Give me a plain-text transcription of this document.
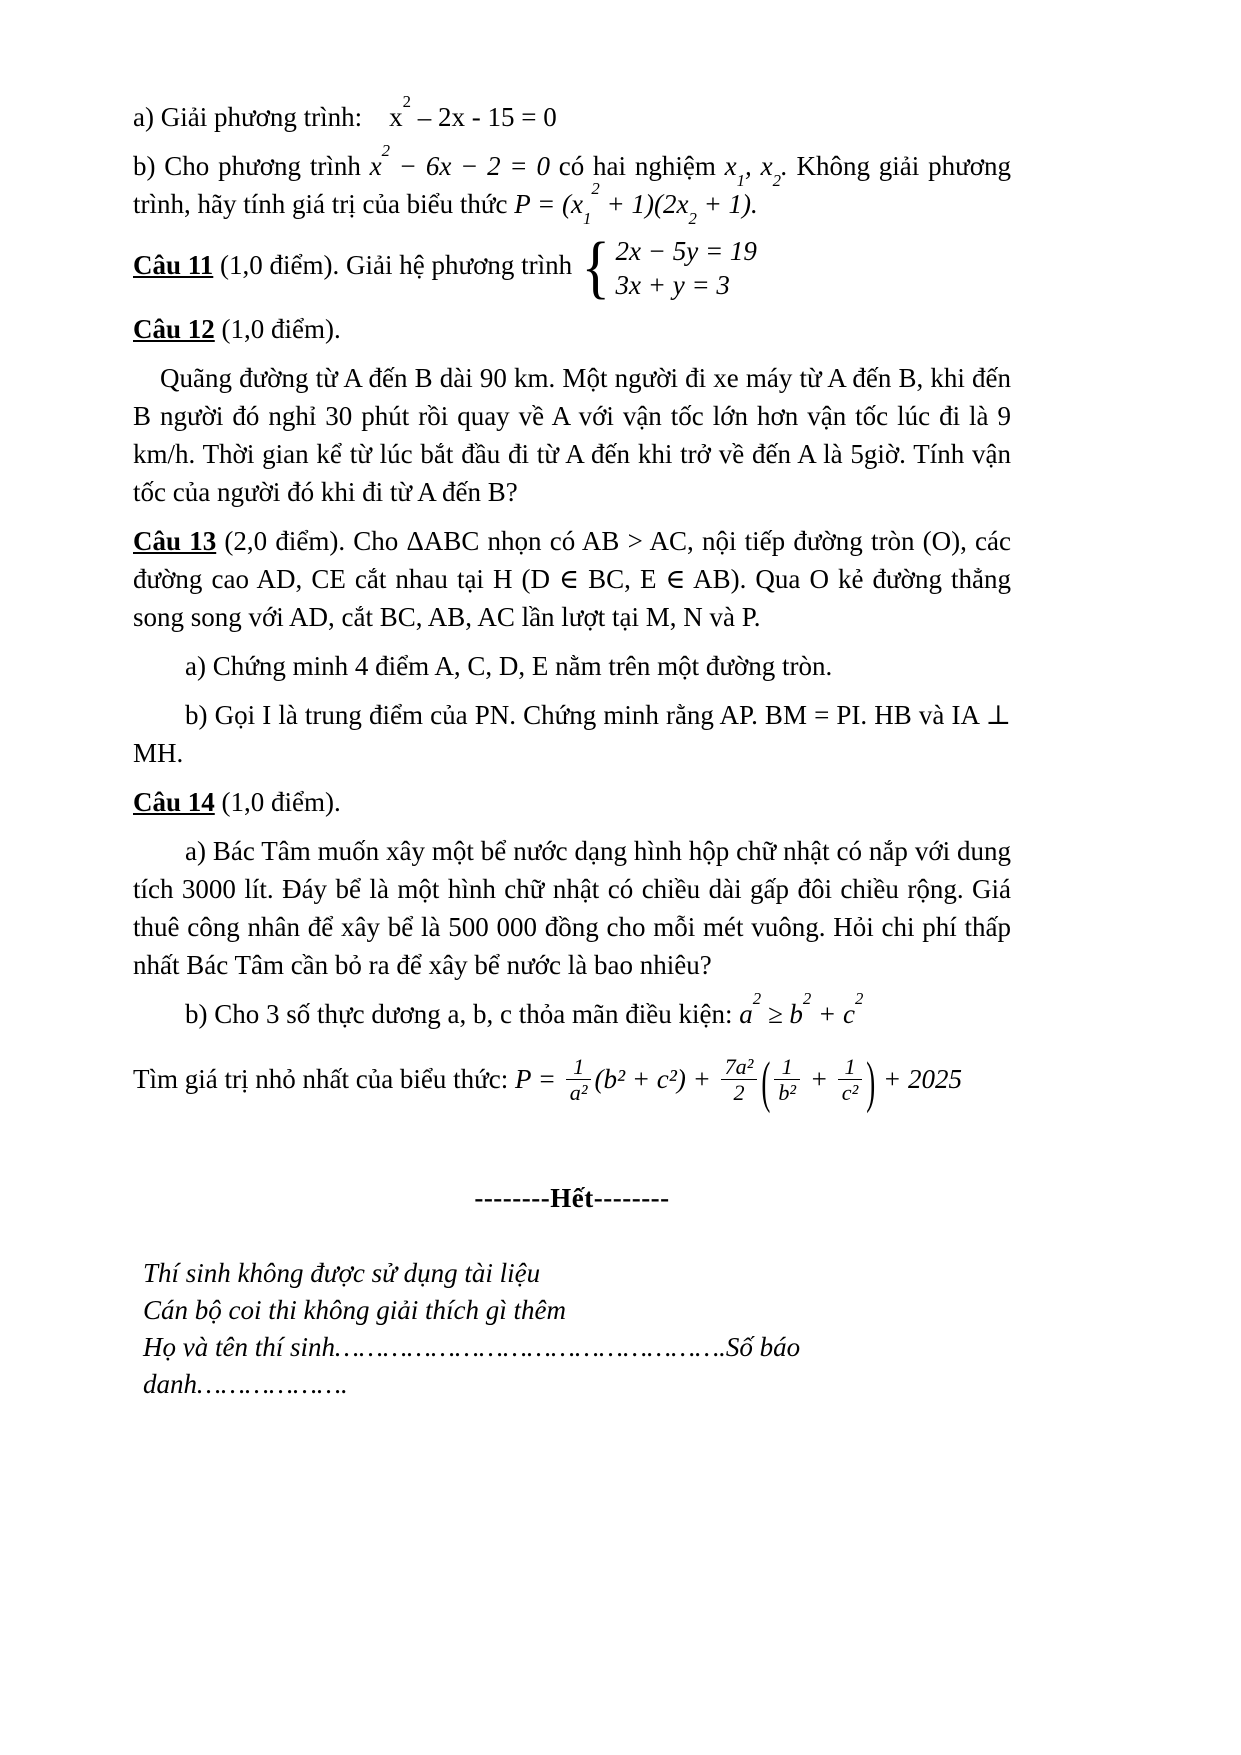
a) Giải phương trình:    $x^2 - 2x - 15 = 0$

b) Cho phương trình $x^2 - 6x - 2 = 0$ có hai nghiệm $x_1$, $x_2$. Không giải phương trình, hãy tính giá trị của biểu thức $P = (x_1^2 + 1)(2x_2 + 1)$.

Câu 11 (1,0 điểm). Giải hệ phương trình { 2x − 5y = 19
3x + y = 3

Câu 12 (1,0 điểm).

Quãng đường từ A đến B dài 90 km. Một người đi xe máy từ A đến B, khi đến B người đó nghỉ 30 phút rồi quay về A với vận tốc lớn hơn vận tốc lúc đi là 9 km/h. Thời gian kể từ lúc bắt đầu đi từ A đến khi trở về đến A là 5giờ. Tính vận tốc của người đó khi đi từ A đến B?

Câu 13 (2,0 điểm). Cho ΔABC nhọn có AB > AC, nội tiếp đường tròn (O), các đường cao AD, CE cắt nhau tại H (D ∈ BC, E ∈ AB). Qua O kẻ đường thẳng song song với AD, cắt BC, AB, AC lần lượt tại M, N và P.

a) Chứng minh 4 điểm A, C, D, E nằm trên một đường tròn.

b) Gọi I là trung điểm của PN. Chứng minh rằng AP. BM = PI. HB và IA ⊥ MH.

Câu 14 (1,0 điểm).

a) Bác Tâm muốn xây một bể nước dạng hình hộp chữ nhật có nắp với dung tích 3000 lít. Đáy bể là một hình chữ nhật có chiều dài gấp đôi chiều rộng. Giá thuê công nhân để xây bể là 500 000 đồng cho mỗi mét vuông. Hỏi chi phí thấp nhất Bác Tâm cần bỏ ra để xây bể nước là bao nhiêu?

b) Cho 3 số thực dương a, b, c thỏa mãn điều kiện: $a^2 \ge b^2 + c^2$

Tìm giá trị nhỏ nhất của biểu thức: $P = \frac{1}{\text{a²}} (b^2 + c^2) + \frac{\text{7a²}}{2}$ ( $\frac{1}{\text{b²}} + \frac{1}{\text{c²}}$ ) + 2025

--------Hết--------

Thí sinh không được sử dụng tài liệu

Cán bộ coi thi không giải thích gì thêm

Họ và tên thí sinh………………………………………….Số báo danh……………….
